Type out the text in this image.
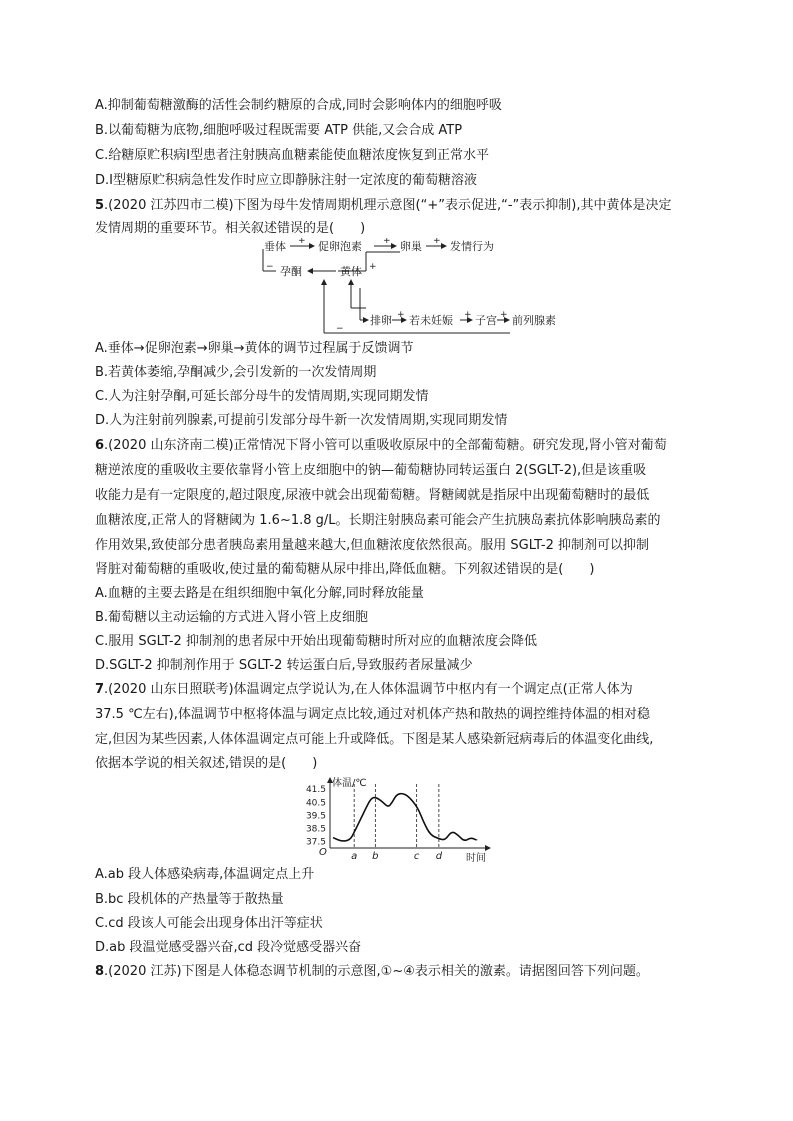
A.抑制葡萄糖激酶的活性会制约糖原的合成,同时会影响体内的细胞呼吸
B.以葡萄糖为底物,细胞呼吸过程既需要 ATP 供能,又会合成 ATP
C.给糖原贮积病Ⅰ型患者注射胰高血糖素能使血糖浓度恢复到正常水平
D.Ⅰ型糖原贮积病急性发作时应立即静脉注射一定浓度的葡萄糖溶液
5.(2020 江苏四市二模)下图为母牛发情周期机理示意图(“+”表示促进,“-”表示抑制),其中黄体是决定
发情周期的重要环节。相关叙述错误的是(　　)
垂体	促卵泡素	卵巢	发情行为
孕酮	黄体
排卵 若未妊娠 子宫 前列腺素
+	+	+
−	+
+	+	+
−
A.垂体→促卵泡素→卵巢→黄体的调节过程属于反馈调节
B.若黄体萎缩,孕酮减少,会引发新的一次发情周期
C.人为注射孕酮,可延长部分母牛的发情周期,实现同期发情
D.人为注射前列腺素,可提前引发部分母牛新一次发情周期,实现同期发情
6.(2020 山东济南二模)正常情况下肾小管可以重吸收原尿中的全部葡萄糖。研究发现,肾小管对葡萄
糖逆浓度的重吸收主要依靠肾小管上皮细胞中的钠—葡萄糖协同转运蛋白 2(SGLT-2),但是该重吸
收能力是有一定限度的,超过限度,尿液中就会出现葡萄糖。肾糖阈就是指尿中出现葡萄糖时的最低
血糖浓度,正常人的肾糖阈为 1.6~1.8 g/L。长期注射胰岛素可能会产生抗胰岛素抗体影响胰岛素的
作用效果,致使部分患者胰岛素用量越来越大,但血糖浓度依然很高。服用 SGLT-2 抑制剂可以抑制
肾脏对葡萄糖的重吸收,使过量的葡萄糖从尿中排出,降低血糖。下列叙述错误的是(　　)
A.血糖的主要去路是在组织细胞中氧化分解,同时释放能量
B.葡萄糖以主动运输的方式进入肾小管上皮细胞
C.服用 SGLT-2 抑制剂的患者尿中开始出现葡萄糖时所对应的血糖浓度会降低
D.SGLT-2 抑制剂作用于 SGLT-2 转运蛋白后,导致服药者尿量减少
7.(2020 山东日照联考)体温调定点学说认为,在人体体温调节中枢内有一个调定点(正常人体为
37.5 ℃左右),体温调节中枢将体温与调定点比较,通过对机体产热和散热的调控维持体温的相对稳
定,但因为某些因素,人体体温调定点可能上升或降低。下图是某人感染新冠病毒后的体温变化曲线,
依据本学说的相关叙述,错误的是(　　)
体温/℃
时间
O
37.5
38.5
39.5
40.5
41.5
a b	c d
A.ab 段人体感染病毒,体温调定点上升
B.bc 段机体的产热量等于散热量
C.cd 段该人可能会出现身体出汗等症状
D.ab 段温觉感受器兴奋,cd 段冷觉感受器兴奋
8.(2020 江苏)下图是人体稳态调节机制的示意图,①~④表示相关的激素。请据图回答下列问题。
